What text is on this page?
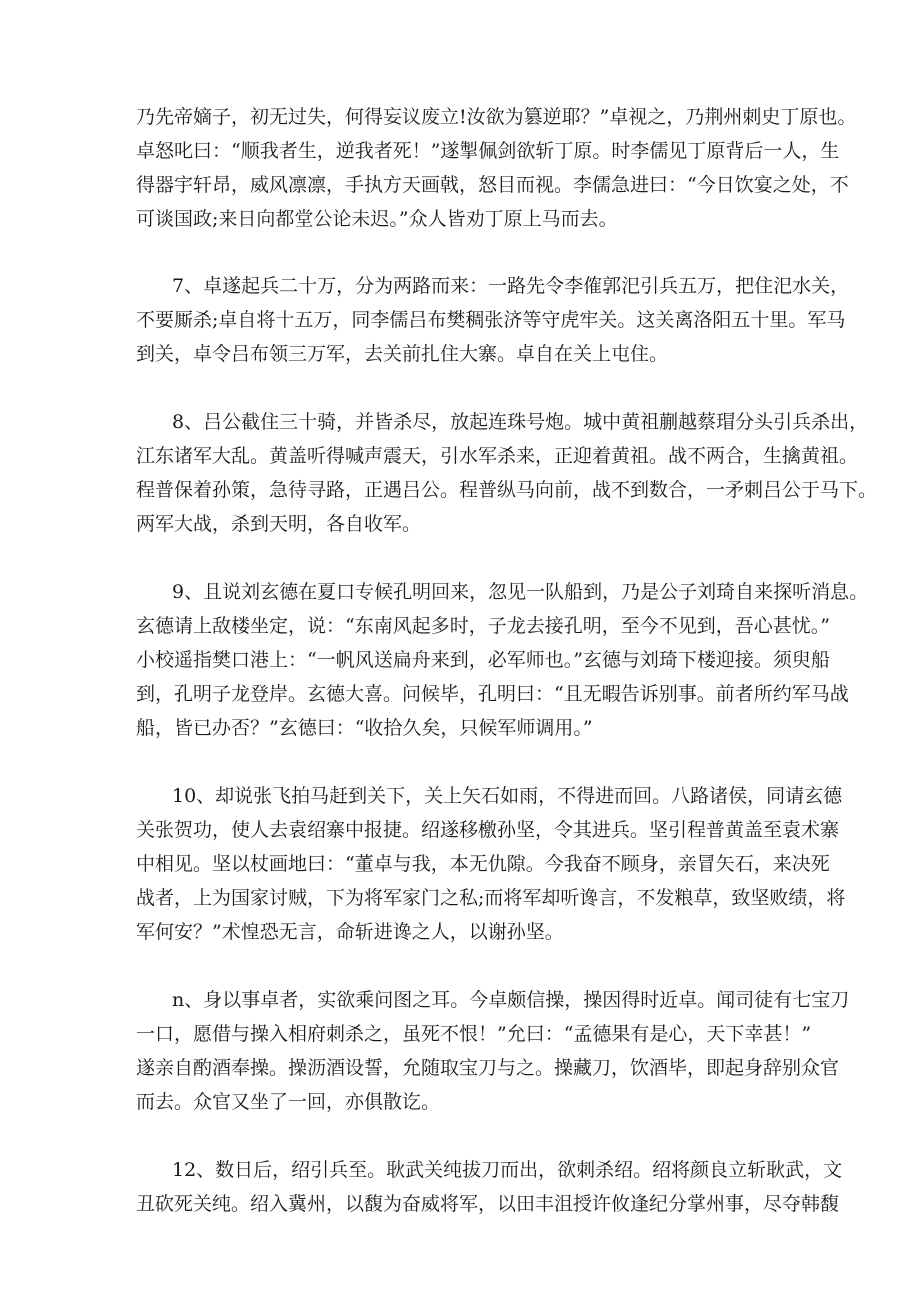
乃先帝嫡子，初无过失，何得妄议废立!汝欲为篡逆耶？”卓视之，乃荆州刺史丁原也。
卓怒叱曰：“顺我者生，逆我者死！”遂掣佩剑欲斩丁原。时李儒见丁原背后一人，生
得器宇轩昂，威风凛凛，手执方天画戟，怒目而视。李儒急进曰：“今日饮宴之处，不
可谈国政;来日向都堂公论未迟。”众人皆劝丁原上马而去。
7、卓遂起兵二十万，分为两路而来：一路先令李傕郭汜引兵五万，把住汜水关，
不要厮杀;卓自将十五万，同李儒吕布樊稠张济等守虎牢关。这关离洛阳五十里。军马
到关，卓令吕布领三万军，去关前扎住大寨。卓自在关上屯住。
8、吕公截住三十骑，并皆杀尽，放起连珠号炮。城中黄祖蒯越蔡瑁分头引兵杀出，
江东诸军大乱。黄盖听得喊声震天，引水军杀来，正迎着黄祖。战不两合，生擒黄祖。
程普保着孙策，急待寻路，正遇吕公。程普纵马向前，战不到数合，一矛刺吕公于马下。
两军大战，杀到天明，各自收军。
9、且说刘玄德在夏口专候孔明回来，忽见一队船到，乃是公子刘琦自来探听消息。
玄德请上敌楼坐定，说：“东南风起多时，子龙去接孔明，至今不见到，吾心甚忧。”
小校遥指樊口港上：“一帆风送扁舟来到，必军师也。”玄德与刘琦下楼迎接。须臾船
到，孔明子龙登岸。玄德大喜。问候毕，孔明曰：“且无暇告诉别事。前者所约军马战
船，皆已办否？”玄德曰：“收拾久矣，只候军师调用。”
10、却说张飞拍马赶到关下，关上矢石如雨，不得进而回。八路诸侯，同请玄德
关张贺功，使人去袁绍寨中报捷。绍遂移檄孙坚，令其进兵。坚引程普黄盖至袁术寨
中相见。坚以杖画地曰：“董卓与我，本无仇隙。今我奋不顾身，亲冒矢石，来决死
战者，上为国家讨贼，下为将军家门之私;而将军却听谗言，不发粮草，致坚败绩，将
军何安？”术惶恐无言，命斩进谗之人，以谢孙坚。
n、身以事卓者，实欲乘问图之耳。今卓颇信操，操因得时近卓。闻司徒有七宝刀
一口，愿借与操入相府刺杀之，虽死不恨！”允曰：“孟德果有是心，天下幸甚！”
遂亲自酌酒奉操。操沥酒设誓，允随取宝刀与之。操藏刀，饮酒毕，即起身辞别众官
而去。众官又坐了一回，亦俱散讫。
12、数日后，绍引兵至。耿武关纯拔刀而出，欲刺杀绍。绍将颜良立斩耿武，文
丑砍死关纯。绍入冀州，以馥为奋威将军，以田丰沮授许攸逢纪分掌州事，尽夺韩馥
